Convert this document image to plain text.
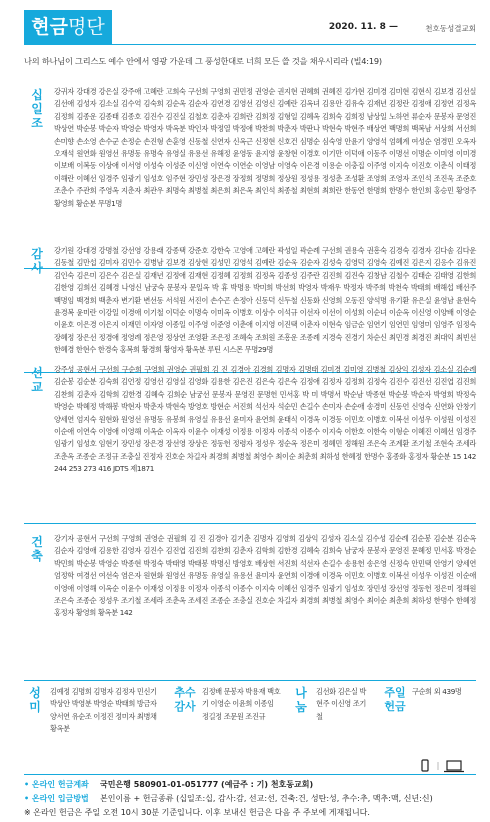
현금명단	2020. 11. 8 —	천호동성결교회
나의 하나님이 그리스도 예수 안에서 영광 가운데 그 풍성한대로 너희 모든 쓸 것을 채우시리라 (빌4:19)
십
일
조
강귀자 강대경 강은실 강주애 고혜란 고희숙 구선희 구영희 권민정 권영순 권지현 권혜희 권혜진 김가현 김미경 김미현 김현식 김보경 김선실 김선애 김성자 김소실 김수억 김숙희 김순옥 김순자 김연경 김영선 김영신 김예란 김옥녀 김용안 김유숙 김재년 김정란 김정애 김정연 김정옥 김정희 김종운 김종태 김종호 김진수 김진실 김철호 김춘자 김희란 김희정 김형일 김혜옥 김희숙 김희정 남상일 노하연 류순자 문봉자 문영진 박상연 박순봉 박순자 박영순 박영자 박옥분 박인자 박정열 박정애 박찬희 박춘자 박판나 박현숙 박현주 배상연 백명희 백복남 서상희 서선희 손미향 손소영 손수군 손정순 손진형 손훈영 신동철 신연자 신옥근 신정현 신호건 심명순 심숙영 안윤기 양영석 엄혜계 여성순 염경민 오옥자 오재석 원연화 원영선 유명동 유명숙 유영실 유용선 유해정 윤영동 윤지영 윤창현 이경호 이기만 이덕애 이동주 이명선 이명순 이미영 이미경 이보배 이복동 이상애 이서영 이성숙 이성준 이신영 이연숙 이연순 이영남 이영숙 이은경 이용순 이충집 이주영 이지숙 이진호 이춘식 이태정 이해란 이혜선 임경주 임광기 임성호 임주현 장민성 장은경 장정희 정명희 정상원 정성용 정성춘 조성환 조영희 조영자 조인석 조진욱 조준호 조춘수 주관희 주영옥 지춘자 최관우 최명숙 최병철 최은희 최은옥 최인석 최종철 최현희 최희란 한동연 한명희 한명수 한인희 홍승민 황영주 황영희 황순분 무명1명
감
사
강기원 강대경 강명철 강선영 강용래 강종택 강준호 강한숙 고영애 고혜란 곽성일 곽순례 구선희 권용숙 권흥숙 김경숙 김경자 김다솜 김다운 김동철 김만섭 김미자 김민수 김병남 김보경 김상현 김성민 김영석 김예란 김순욱 김순자 김성숙 김영덕 김영숙 김예진 김은지 김응수 김유진 김인숙 김은미 김은수 김은실 김재년 김정애 김재현 김정혜 김정희 김정옥 김종성 김주란 김진희 김진숙 김창남 김철수 김태순 김태영 김한희 김한영 김희선 김혜경 나영신 남궁숙 문봉자 문일옥 박 휴 박명용 박미희 박선희 박영자 박재우 박정자 박주희 박천숙 박태희 배해섭 배선주 백명임 백경희 백춘자 변기환 변선동 서석원 서진이 손수곤 손정아 신동덕 신두철 신동화 신영희 오동진 양석명 유기환 유은실 윤영남 윤현숙 윤경복 윤미란 이강일 이경애 이기철 이덕순 이명숙 이미옥 이병호 이상수 이석규 이선자 이선이 이성희 이순녀 이순옥 이신영 이양배 이영순 이윤호 이은경 이은지 이재민 이자영 이종일 이주영 이준영 이춘애 이지영 이진택 이춘자 이현숙 임금순 임연기 임연민 임영미 임영주 임정숙 장혜정 장은선 정경애 정영례 정은영 정상연 조영환 조은정 조혜숙 조희원 조흥운 조종례 지경숙 진경기 차순신 최민경 최경진 최대익 최빈선 한혜경 한현수 한경숙 홍복희 황경희 황영자 황옥분 루틴 시스몬 무명29명
선
교
강주성 공현서 구선희 구순희 구영희 권영순 권필희 김 진 김경아 김경희 김명자 김명태 김미경 김미영 김병철 김상익 김성자 김소실 김순례 김순봉 김순분 김숙희 김언정 김영선 김영실 김영화 김용한 김은진 김은숙 김은숙 김정애 김정자 김정희 김정숙 김진수 김진선 김진엽 김진희 김찬희 김춘자 김학희 김한경 김혜숙 김희순 남궁선 문봉자 문영진 문명헌 민서홍 박 미 박명서 박순남 박종현 박순봉 박순자 박영희 박정숙 박영순 박혜정 박해봉 박현자 박춘자 박현숙 방영호 방현순 서진희 석선자 석순민 손길수 손미자 손순애 송경미 신동언 신영숙 신연화 안창기 양세연 엄지숙 원현화 원영선 유명동 유봉희 유영실 유용선 윤미자 윤연희 윤태식 이경옥 이경동 이민호 이병호 이복선 이성우 이성원 이성진 이순애 이연숙 이영애 이영해 이옥순 이옥자 이윤수 이재성 이정용 이정자 이종석 이종수 이지숙 이한호 이한숙 이형순 이혜진 이혜선 임경주 임광기 임성호 임현기 장민성 장은경 장선영 장상은 정동헌 정령자 정성우 정순옥 정은미 정혜민 정해원 조은숙 조계환 조기철 조현숙 조세라 조춘옥 조종순 조정규 조충실 진정자 진호순 차길자 최경희 최병철 최영수 최이순 최춘희 최하성 한혜정 한명수 홍종화 홍정자 황순분 15 142 244 253 273 416 JDTS 제1871
건
축
강기자 공현서 구선희 구영희 권영순 권필희 김 진 김경아 김기춘 김명자 김영희 김상익 김성자 김소실 김수성 김순례 김순봉 김순분 김순옥 김순자 김영애 김용한 김영자 김진수 김진엽 김진희 김찬희 김춘자 김학희 김한경 김혜숙 김희숙 남궁자 문봉자 문영진 문혜정 민서홍 박경순 박민희 박순봉 박영순 박종현 박정숙 박태영 박태봉 박명신 방영호 배상헌 서진희 석선자 손길수 송용헌 송은영 신정숙 안민택 안영기 양세연 엄정학 여경선 여선숙 염은자 원현화 원영선 유명동 유영실 유용선 윤미자 윤연희 이경애 이경옥 이민호 이병호 이복선 이성우 이성진 이순애 이영애 이영해 이옥순 이윤수 이재성 이정용 이정자 이종석 이종수 이지숙 이혜선 임경주 임광기 임성호 장민성 장선영 정동헌 정은미 정해원 조은숙 조종순 정성우 조기철 조세라 조춘옥 조세진 조종순 조충실 진호순 차길자 최경희 최병철 최영수 최이순 최춘희 최하성 한명수 한혜정 홍정자 황영희 황옥분 142
성
미
김예정 김명희 김명자 김정자 민신기 박상안 박영분 박영순 박태희 방금자 양서연 유순조 이정진 정미자 최병채 황옥분
추수
감사
김정배 문봉자 박용재 백호기 이영순 이윤희 이종임 정길정 조문원 조진규
나
눔
김선화 김은실 박현주 이신영 조기철
주일
헌금
구순희 외 439명
• 온라인 헌금계좌 국민은행 580901-01-051777 (예금주 : 기) 천호동교회)
• 온라인 입금방법 본인이름 + 헌금종류 (십일조:십, 감사:감, 선교:선, 건축:건, 성탄:성, 추수:추, 맥추:맥, 신년:신)
※ 온라인 헌금은 주일 오전 10시 30분 기준입니다. 이후 보내신 헌금은 다음 주 주보에 게재됩니다.
